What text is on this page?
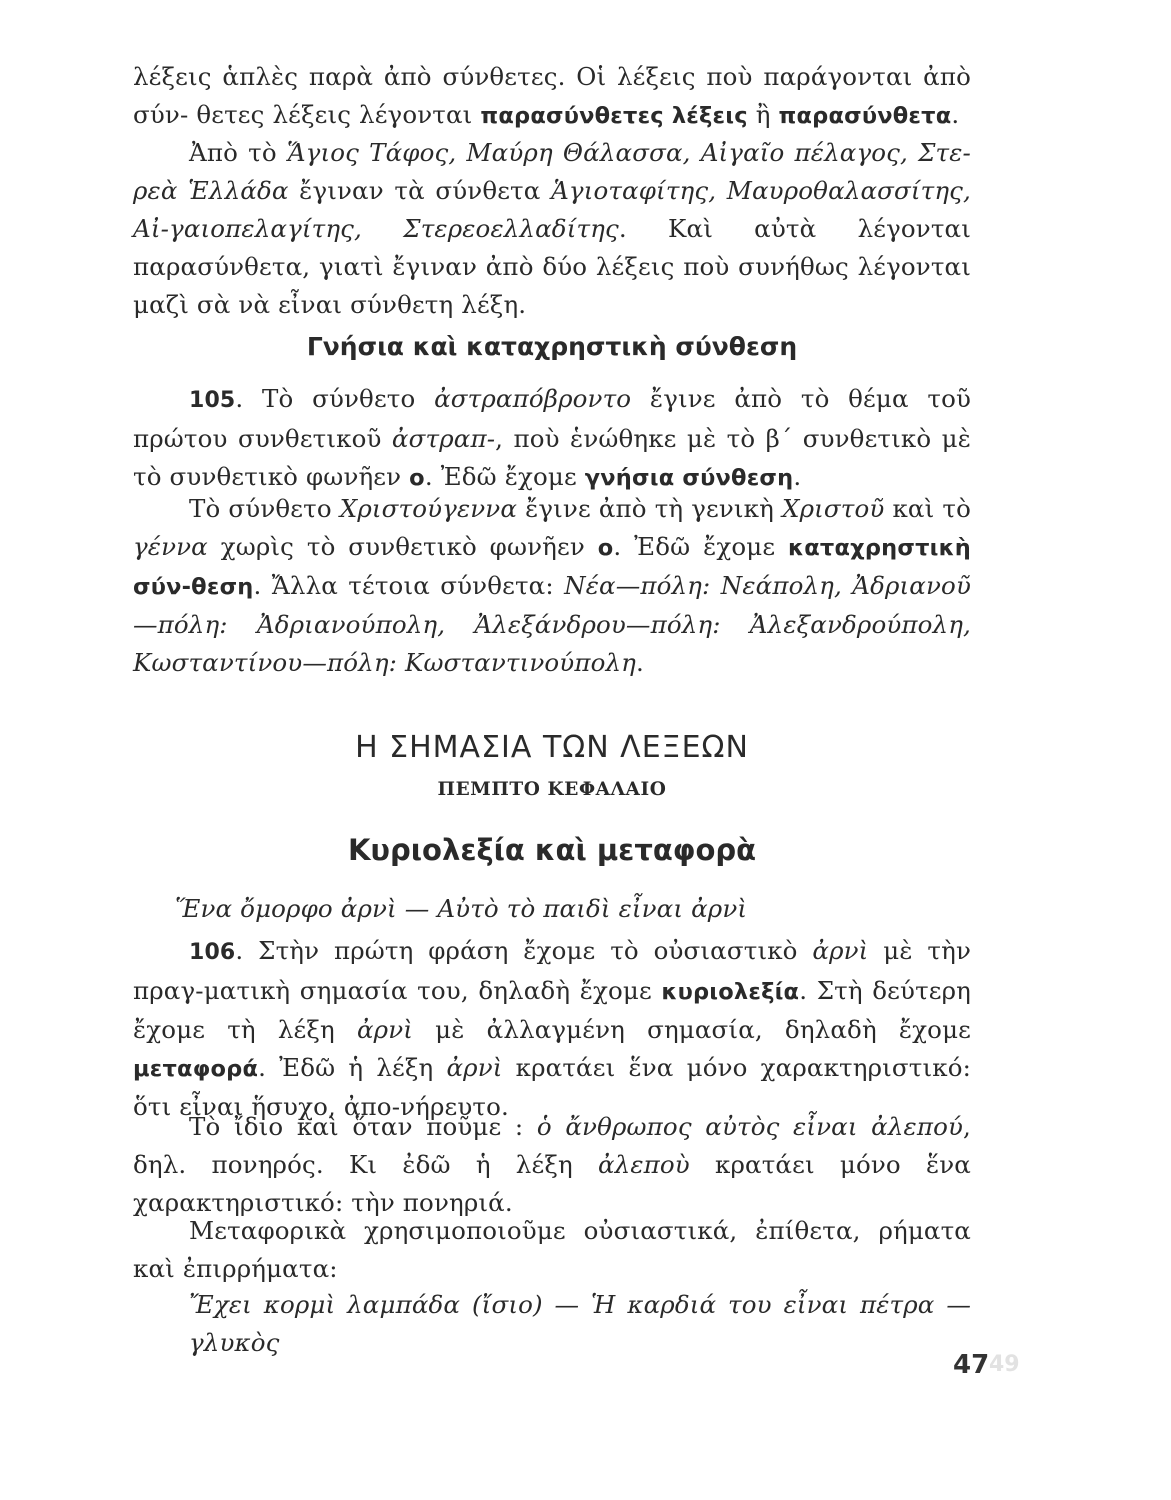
λέξεις ἁπλὲς παρὰ ἀπὸ σύνθετες. Οἱ λέξεις ποὺ παράγονται ἀπὸ σύν- θετες λέξεις λέγονται παρασύνθετες λέξεις ἢ παρασύνθετα.

Ἀπὸ τὸ Ἅγιος Τάφος, Μαύρη Θάλασσα, Αἰγαῖο πέλαγος, Στε-ρεὰ Ἑλλάδα ἔγιναν τὰ σύνθετα Ἁγιοταφίτης, Μαυροθαλασσίτης, Αἰ-γαιοπελαγίτης, Στερεοελλαδίτης. Καὶ αὐτὰ λέγονται παρασύνθετα, γιατὶ ἔγιναν ἀπὸ δύο λέξεις ποὺ συνήθως λέγονται μαζὶ σὰ νὰ εἶναι σύνθετη λέξη.

Γνήσια καὶ καταχρηστικὴ σύνθεση

105. Τὸ σύνθετο ἀστραπόβροντο ἔγινε ἀπὸ τὸ θέμα τοῦ πρώτου συνθετικοῦ ἀστραπ-, ποὺ ἑνώθηκε μὲ τὸ β΄ συνθετικὸ μὲ τὸ συνθετικὸ φωνῆεν ο. Ἐδῶ ἔχομε γνήσια σύνθεση.

Τὸ σύνθετο Χριστούγεννα ἔγινε ἀπὸ τὴ γενικὴ Χριστοῦ καὶ τὸ γέννα χωρὶς τὸ συνθετικὸ φωνῆεν ο. Ἐδῶ ἔχομε καταχρηστικὴ σύν-θεση. Ἄλλα τέτοια σύνθετα: Νέα—πόλη: Νεάπολη, Ἀδριανοῦ—πόλη: Ἀδριανούπολη, Ἀλεξάνδρου—πόλη: Ἀλεξανδρούπολη, Κωσταντίνου—πόλη: Κωσταντινούπολη.

Η ΣΗΜΑΣΙΑ ΤΩΝ ΛΕΞΕΩΝ

ΠΕΜΠΤΟ ΚΕΦΑΛΑΙΟ

Κυριολεξία καὶ μεταφορὰ

Ἕνα ὄμορφο ἀρνὶ — Αὐτὸ τὸ παιδὶ εἶναι ἀρνὶ

106. Στὴν πρώτη φράση ἔχομε τὸ οὐσιαστικὸ ἀρνὶ μὲ τὴν πραγ-ματικὴ σημασία του, δηλαδὴ ἔχομε κυριολεξία. Στὴ δεύτερη ἔχομε τὴ λέξη ἀρνὶ μὲ ἀλλαγμένη σημασία, δηλαδὴ ἔχομε μεταφορά. Ἐδῶ ἡ λέξη ἀρνὶ κρατάει ἕνα μόνο χαρακτηριστικό: ὅτι εἶναι ἥσυχο, ἀπο-νήρευτο.

Τὸ ἴδιο καὶ ὅταν ποῦμε : ὁ ἄνθρωπος αὐτὸς εἶναι ἀλεπού, δηλ. πονηρός. Κι ἐδῶ ἡ λέξη ἀλεποὺ κρατάει μόνο ἕνα χαρακτηριστικό: τὴν πονηριά.

Μεταφορικὰ χρησιμοποιοῦμε οὐσιαστικά, ἐπίθετα, ρήματα καὶ ἐπιρρήματα:

Ἔχει κορμὶ λαμπάδα (ἴσιο) — Ἡ καρδιά του εἶναι πέτρα — γλυκὸς

47 49
